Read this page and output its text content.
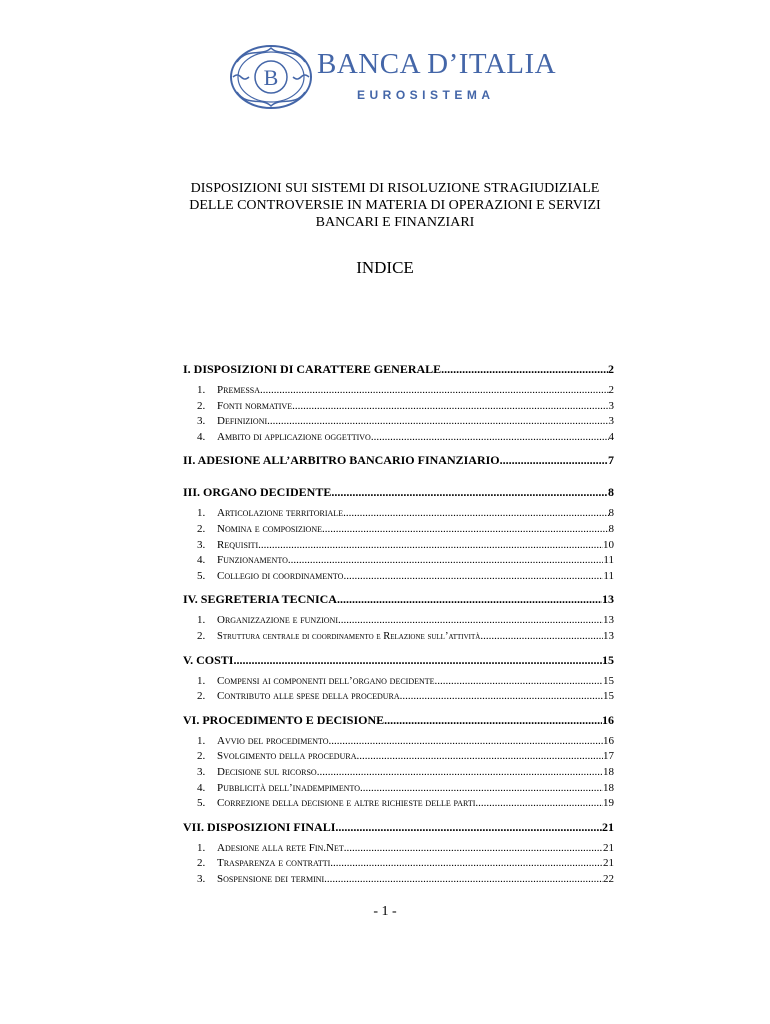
B BANCA D’ITALIA
EUROSISTEMA
DISPOSIZIONI SUI SISTEMI DI RISOLUZIONE STRAGIUDIZIALE
DELLE CONTROVERSIE IN MATERIA DI OPERAZIONI E SERVIZI
BANCARI E FINANZIARI
INDICE
I. DISPOSIZIONI DI CARATTERE GENERALE .....	2
1.	Premessa .....	2
2.	Fonti normative .....	3
3.	Definizioni .....	3
4.	Ambito di applicazione oggettivo .....	4
II. ADESIONE ALL’ARBITRO BANCARIO FINANZIARIO .....	7
III. ORGANO DECIDENTE .....	8
1.	Articolazione territoriale .....	8
2.	Nomina e composizione .....	8
3.	Requisiti .....	10
4.	Funzionamento .....	11
5.	Collegio di coordinamento .....	11
IV. SEGRETERIA TECNICA .....	13
1.	Organizzazione e funzioni .....	13
2.	Struttura centrale di coordinamento e Relazione sull’attività .....	13
V. COSTI .....	15
1.	Compensi ai componenti dell’organo decidente .....	15
2.	Contributo alle spese della procedura .....	15
VI. PROCEDIMENTO E DECISIONE .....	16
1.	Avvio del procedimento .....	16
2.	Svolgimento della procedura .....	17
3.	Decisione sul ricorso .....	18
4.	Pubblicità dell’inadempimento .....	18
5.	Correzione della decisione e altre richieste delle parti .....	19
VII. DISPOSIZIONI FINALI .....	21
1.	Adesione alla rete Fin.Net .....	21
2.	Trasparenza e contratti .....	21
3.	Sospensione dei termini .....	22
- 1 -
